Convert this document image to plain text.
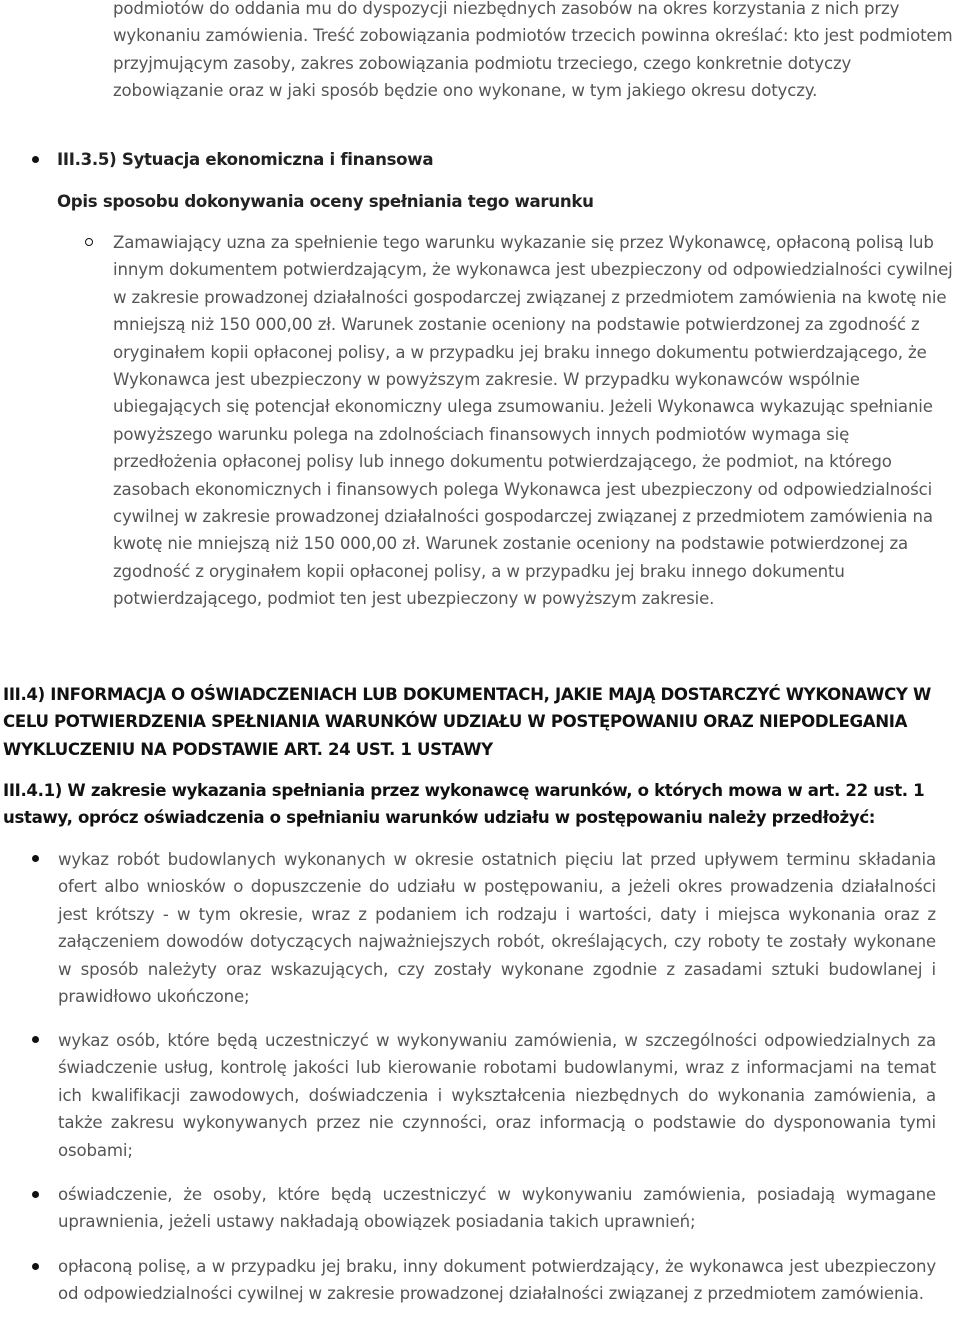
podmiotów do oddania mu do dyspozycji niezbędnych zasobów na okres korzystania z nich przy wykonaniu zamówienia. Treść zobowiązania podmiotów trzecich powinna określać: kto jest podmiotem przyjmującym zasoby, zakres zobowiązania podmiotu trzeciego, czego konkretnie dotyczy zobowiązanie oraz w jaki sposób będzie ono wykonane, w tym jakiego okresu dotyczy.
III.3.5) Sytuacja ekonomiczna i finansowa
Opis sposobu dokonywania oceny spełniania tego warunku
Zamawiający uzna za spełnienie tego warunku wykazanie się przez Wykonawcę, opłaconą polisą lub innym dokumentem potwierdzającym, że wykonawca jest ubezpieczony od odpowiedzialności cywilnej w zakresie prowadzonej działalności gospodarczej związanej z przedmiotem zamówienia na kwotę nie mniejszą niż 150 000,00 zł. Warunek zostanie oceniony na podstawie potwierdzonej za zgodność z oryginałem kopii opłaconej polisy, a w przypadku jej braku innego dokumentu potwierdzającego, że Wykonawca jest ubezpieczony w powyższym zakresie. W przypadku wykonawców wspólnie ubiegających się potencjał ekonomiczny ulega zsumowaniu. Jeżeli Wykonawca wykazując spełnianie powyższego warunku polega na zdolnościach finansowych innych podmiotów wymaga się przedłożenia opłaconej polisy lub innego dokumentu potwierdzającego, że podmiot, na którego zasobach ekonomicznych i finansowych polega Wykonawca jest ubezpieczony od odpowiedzialności cywilnej w zakresie prowadzonej działalności gospodarczej związanej z przedmiotem zamówienia na kwotę nie mniejszą niż 150 000,00 zł. Warunek zostanie oceniony na podstawie potwierdzonej za zgodność z oryginałem kopii opłaconej polisy, a w przypadku jej braku innego dokumentu potwierdzającego, podmiot ten jest ubezpieczony w powyższym zakresie.
III.4) INFORMACJA O OŚWIADCZENIACH LUB DOKUMENTACH, JAKIE MAJĄ DOSTARCZYĆ WYKONAWCY W CELU POTWIERDZENIA SPEŁNIANIA WARUNKÓW UDZIAŁU W POSTĘPOWANIU ORAZ NIEPODLEGANIA WYKLUCZENIU NA PODSTAWIE ART. 24 UST. 1 USTAWY
III.4.1) W zakresie wykazania spełniania przez wykonawcę warunków, o których mowa w art. 22 ust. 1 ustawy, oprócz oświadczenia o spełnianiu warunków udziału w postępowaniu należy przedłożyć:
wykaz robót budowlanych wykonanych w okresie ostatnich pięciu lat przed upływem terminu składania ofert albo wniosków o dopuszczenie do udziału w postępowaniu, a jeżeli okres prowadzenia działalności jest krótszy - w tym okresie, wraz z podaniem ich rodzaju i wartości, daty i miejsca wykonania oraz z załączeniem dowodów dotyczących najważniejszych robót, określających, czy roboty te zostały wykonane w sposób należyty oraz wskazujących, czy zostały wykonane zgodnie z zasadami sztuki budowlanej i prawidłowo ukończone;
wykaz osób, które będą uczestniczyć w wykonywaniu zamówienia, w szczególności odpowiedzialnych za świadczenie usług, kontrolę jakości lub kierowanie robotami budowlanymi, wraz z informacjami na temat ich kwalifikacji zawodowych, doświadczenia i wykształcenia niezbędnych do wykonania zamówienia, a także zakresu wykonywanych przez nie czynności, oraz informacją o podstawie do dysponowania tymi osobami;
oświadczenie, że osoby, które będą uczestniczyć w wykonywaniu zamówienia, posiadają wymagane uprawnienia, jeżeli ustawy nakładają obowiązek posiadania takich uprawnień;
opłaconą polisę, a w przypadku jej braku, inny dokument potwierdzający, że wykonawca jest ubezpieczony od odpowiedzialności cywilnej w zakresie prowadzonej działalności związanej z przedmiotem zamówienia.
